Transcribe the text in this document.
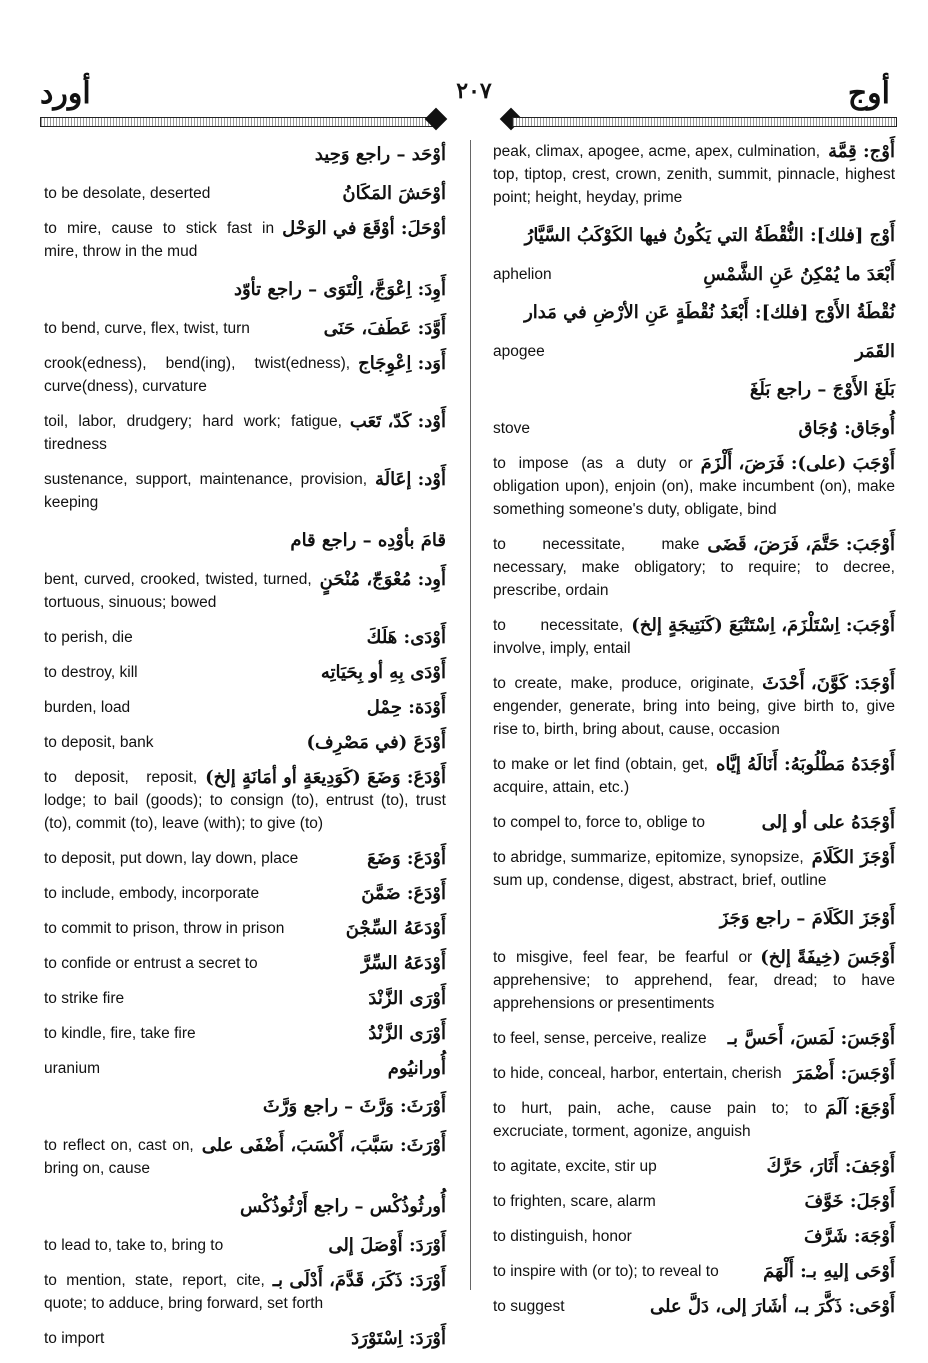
أورد	٢٠٧	أوج
أوْحَد – راجع وَحِيد
أوْحَشَ المَكَانُ
to be desolate, deserted
أوْحَلَ: أوْقَعَ في الوَحْل
to mire, cause to stick fast in mire, throw in the mud
أَوِدَ: اِعْوَجَّ، اِلْتَوَى – راجع تأوّد
أَوَّدَ: عَطَفَ، حَنَى
to bend, curve, flex, twist, turn
أَوَد: اِعْوِجَاج
crook(edness), bend(ing), twist(edness), curve(dness), curvature
أَوْد: كَدّ، تَعَب
toil, labor, drudgery; hard work; fatigue, tiredness
أَوْد: إعَالَة
sustenance, support, maintenance, provision, keeping
قامَ بأوْدِه – راجع قام
أَوِد: مُعْوَجّ، مُنْحَنٍ
bent, curved, crooked, twisted, turned, tortuous, sinuous; bowed
أَوْدَى: هَلَكَ
to perish, die
أَوْدَى بِهِ أو بِحَيَاتِه
to destroy, kill
أَوْدَة: حِمْل
burden, load
أَوْدَعَ (في مَصْرِف)
to deposit, bank
أَوْدَعَ: وَضَعَ (كَوَدِيعَةٍ أو أمَانَةٍ إلخ)
to deposit, reposit, lodge; to bail (goods); to consign (to), entrust (to), trust (to), commit (to), leave (with); to give (to)
أَوْدَعَ: وَضَعَ
to deposit, put down, lay down, place
أَوْدَعَ: ضَمَّنَ
to include, embody, incorporate
أَوْدَعَهُ السِّجْنَ
to commit to prison, throw in prison
أَوْدَعَهُ السِّرَّ
to confide or entrust a secret to
أَوْرَى الزَّنْدَ
to strike fire
أَوْرَى الزَّنْدُ
to kindle, fire, take fire
أُورانيُوم
uranium
أَوْرَثَ: وَرَّثَ – راجع وَرَّثَ
أَوْرَثَ: سَبَّبَ، أَكْسَبَ، أَضْفَى على
to reflect on, cast on, bring on, cause
أُورثُوذُكْس – راجع أَرْثُوذُكْس
أَوْرَدَ: أَوْصَلَ إلى
to lead to, take to, bring to
أَوْرَدَ: ذَكَرَ، قَدَّمَ، أَدْلَى بـ
to mention, state, report, cite, quote; to adduce, bring forward, set forth
أَوْرَدَ: اِسْتَوْرَدَ
to import
أَوْج: قِمَّة
peak, climax, apogee, acme, apex, culmination, top, tiptop, crest, crown, zenith, summit, pinnacle, highest point; height, heyday, prime
أَوْج [فلك]: النُّقْطَةُ التي يَكُونُ فيها الكَوْكَبُ السَّيَّارُ
أَبْعَدَ ما يُمْكِنُ عَنِ الشَّمْسِ
aphelion
نُقْطَةُ الأَوْج [فلك]: أَبْعَدُ نُقْطَةٍ عَنِ الأرْضِ في مَدار
القَمَر
apogee
بَلَغَ الأَوْجَ – راجع بَلَغَ
أُوجَاق: وُجَاق
stove
أَوْجَبَ (على): فَرَضَ، أَلْزَمَ
to impose (as a duty or obligation upon), enjoin (on), make incumbent (on), make something someone's duty, obligate, bind
أَوْجَبَ: حَتَّمَ، فَرَضَ، قَضَى
to necessitate, make necessary, make obligatory; to require; to decree, prescribe, ordain
أَوْجَبَ: اِسْتَلْزَمَ، اِسْتَتْبَعَ (كَنَتِيجَةٍ إلخ)
to necessitate, involve, imply, entail
أَوْجَدَ: كَوَّنَ، أَحْدَثَ
to create, make, produce, originate, engender, generate, bring into being, give birth to, give rise to, birth, bring about, cause, occasion
أَوْجَدَهُ مَطْلُوبَهُ: أَنَالَهُ إيَّاه
to make or let find (obtain, get, acquire, attain, etc.)
أَوْجَدَهُ على أو إلى
to compel to, force to, oblige to
أَوْجَزَ الكَلَامَ
to abridge, summarize, epitomize, synopsize, sum up, condense, digest, abstract, brief, outline
أَوْجَزَ الكَلَامَ – راجع وَجَزَ
أَوْجَسَ (خِيفَةً إلخ)
to misgive, feel fear, be fearful or apprehensive; to apprehend, fear, dread; to have apprehensions or presentiments
أَوْجَسَ: لَمَسَ، أَحَسَّ بـ
to feel, sense, perceive, realize
أَوْجَسَ: أَضْمَرَ
to hide, conceal, harbor, entertain, cherish
أَوْجَعَ: آلَمَ
to hurt, pain, ache, cause pain to; to excruciate, torment, agonize, anguish
أَوْجَفَ: أَثَارَ، حَرَّكَ
to agitate, excite, stir up
أَوْجَلَ: خَوَّفَ
to frighten, scare, alarm
أَوْجَهَ: شَرَّفَ
to distinguish, honor
أَوْحَى إليهِ بـ: أَلْهَمَ
to inspire with (or to); to reveal to
أَوْحَى: ذَكَّرَ بـ، أشَارَ إلى، دَلَّ على
to suggest
